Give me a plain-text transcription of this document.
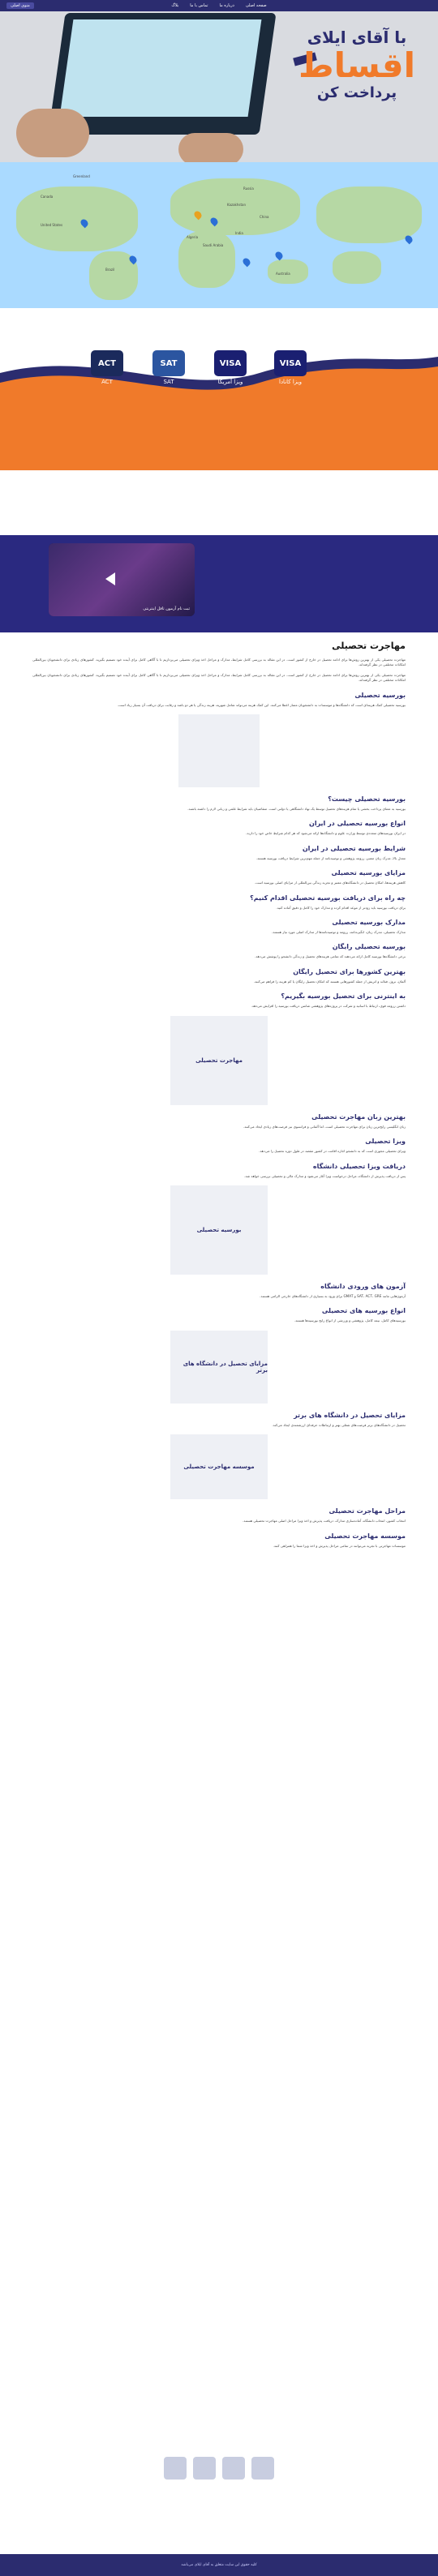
منوی اصلی	صفحه اصلی
درباره ما
تماس با ما
بلاگ
با آقای ایلای
اقساط
پرداخت کن
Greenland
Canada
United States
Brazil
Russia
China
India
Australia
Algeria
Saudi Arabia
Kazakhstan
VISA
ویزا کانادا
VISA
ویزا آمریکا
SAT
SAT
ACT
ACT
ثبت نام آزمون تافل اینترنتی
مهاجرت تحصیلی

مهاجرت تحصیلی یکی از بهترین روش‌ها برای ادامه تحصیل در خارج از کشور است. در این مقاله به بررسی کامل شرایط، مدارک و مراحل اخذ ویزای تحصیلی می‌پردازیم تا با آگاهی کامل برای آینده خود تصمیم بگیرید. کشورهای زیادی برای دانشجویان بین‌المللی امکانات مختلفی در نظر گرفته‌اند.

مهاجرت تحصیلی یکی از بهترین روش‌ها برای ادامه تحصیل در خارج از کشور است. در این مقاله به بررسی کامل شرایط، مدارک و مراحل اخذ ویزای تحصیلی می‌پردازیم تا با آگاهی کامل برای آینده خود تصمیم بگیرید. کشورهای زیادی برای دانشجویان بین‌المللی امکانات مختلفی در نظر گرفته‌اند.

بورسیه تحصیلی

بورسیه تحصیلی کمک هزینه‌ای است که دانشگاه‌ها و موسسات به دانشجویان ممتاز اعطا می‌کنند. این کمک هزینه می‌تواند شامل شهریه، هزینه زندگی یا هر دو باشد و رقابت برای دریافت آن بسیار زیاد است.

بورسیه تحصیلی چیست؟

بورسیه به معنای پرداخت بخشی یا تمام هزینه‌های تحصیل توسط یک نهاد دانشگاهی یا دولتی است. متقاضیان باید شرایط علمی و زبانی لازم را داشته باشند.

انواع بورسیه تحصیلی در ایران

در ایران بورسیه‌های متعددی توسط وزارت علوم و دانشگاه‌ها ارائه می‌شود که هر کدام شرایط خاص خود را دارند.

شرایط بورسیه تحصیلی در ایران

معدل بالا، مدرک زبان معتبر، رزومه پژوهشی و توصیه‌نامه از جمله مهم‌ترین شرایط دریافت بورسیه هستند.

مزایای بورسیه تحصیلی

کاهش هزینه‌ها، امکان تحصیل در دانشگاه‌های معتبر و تجربه زندگی بین‌المللی از مزایای اصلی بورسیه است.

چه راه برای دریافت بورسیه تحصیلی اقدام کنیم؟

برای دریافت بورسیه باید زودتر از موعد اقدام کرده و مدارک خود را کامل و دقیق آماده کنید.

مدارک بورسیه تحصیلی

مدارک تحصیلی، مدرک زبان، انگیزه‌نامه، رزومه و توصیه‌نامه‌ها از مدارک اصلی مورد نیاز هستند.

بورسیه تحصیلی رایگان

برخی دانشگاه‌ها بورسیه کامل ارائه می‌دهند که تمامی هزینه‌های تحصیل و زندگی دانشجو را پوشش می‌دهد.

بهترین کشورها برای تحصیل رایگان

آلمان، نروژ، فنلاند و اتریش از جمله کشورهایی هستند که امکان تحصیل رایگان یا کم هزینه را فراهم می‌کنند.

به اینترنی برای تحصیل بورسیه بگیریم؟

داشتن رزومه قوی، ارتباط با اساتید و شرکت در پروژه‌های پژوهشی شانس دریافت بورسیه را افزایش می‌دهد.

مهاجرت تحصیلی
بهترین زبان مهاجرت تحصیلی

زبان انگلیسی رایج‌ترین زبان برای مهاجرت تحصیلی است، اما آلمانی و فرانسوی نیز فرصت‌های زیادی ایجاد می‌کنند.

ویزا تحصیلی

ویزای تحصیلی مجوزی است که به دانشجو اجازه اقامت در کشور مقصد در طول دوره تحصیل را می‌دهد.

دریافت ویزا تحصیلی دانشگاه

پس از دریافت پذیرش از دانشگاه، مراحل درخواست ویزا آغاز می‌شود و مدارک مالی و تحصیلی بررسی خواهد شد.

بورسیه تحصیلی
آزمون های ورودی دانشگاه

آزمون‌هایی مانند SAT، ACT، GRE و GMAT برای ورود به بسیاری از دانشگاه‌های خارجی الزامی هستند.

انواع بورسیه های تحصیلی

بورسیه‌های کامل، نیمه کامل، پژوهشی و ورزشی از انواع رایج بورسیه‌ها هستند.

مزایای تحصیل در دانشگاه های برتر
مزایای تحصیل در دانشگاه های برتر

تحصیل در دانشگاه‌های برتر فرصت‌های شغلی بهتر و ارتباطات حرفه‌ای ارزشمندی ایجاد می‌کند.

موسسه مهاجرت تحصیلی
مراحل مهاجرت تحصیلی

انتخاب کشور، انتخاب دانشگاه، آماده‌سازی مدارک، دریافت پذیرش و اخذ ویزا مراحل اصلی مهاجرت تحصیلی هستند.

موسسه مهاجرت تحصیلی

موسسات مهاجرتی با تجربه می‌توانند در تمامی مراحل پذیرش و اخذ ویزا شما را همراهی کنند.

کلیه حقوق این سایت متعلق به آقای ایلای می‌باشد
